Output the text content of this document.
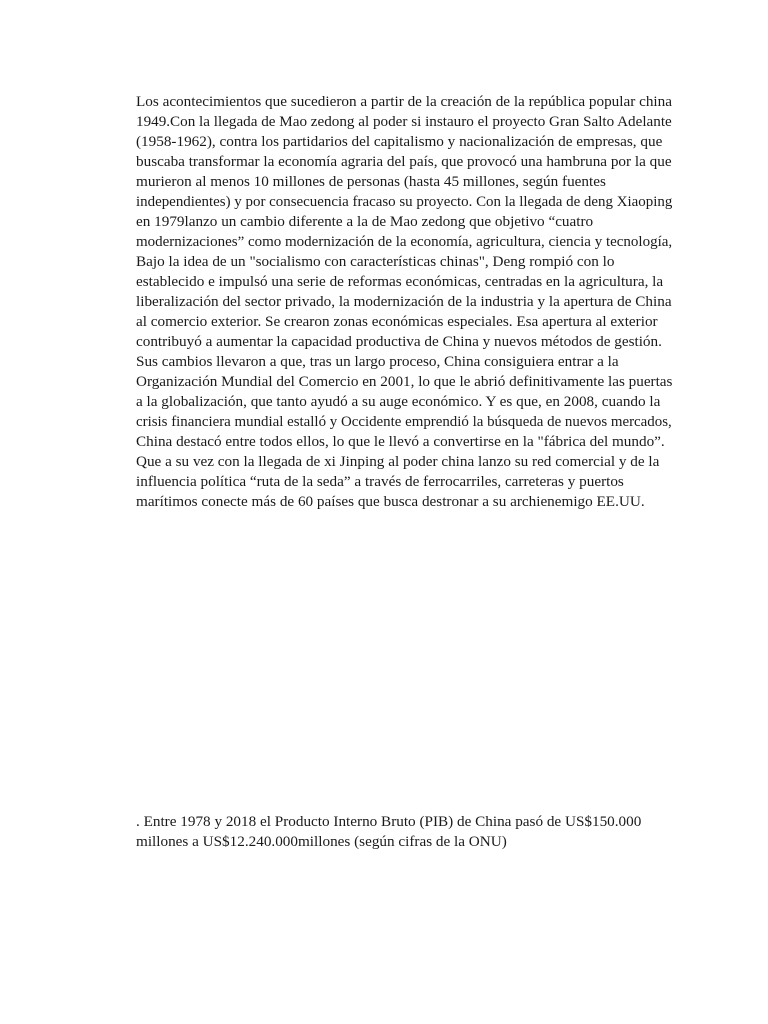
Los acontecimientos que sucedieron a partir de la creación de la república popular china
1949.Con la llegada de Mao zedong al poder si instauro el proyecto Gran Salto Adelante
(1958-1962), contra los partidarios del capitalismo y nacionalización de empresas, que
buscaba transformar la economía agraria del país, que provocó una hambruna por la que
murieron al menos 10 millones de personas (hasta 45 millones, según fuentes
independientes) y por consecuencia fracaso su proyecto. Con la llegada de deng Xiaoping
en 1979lanzo un cambio diferente a la de Mao zedong que objetivo “cuatro
modernizaciones” como modernización de la economía, agricultura, ciencia y tecnología,
Bajo la idea de un "socialismo con características chinas", Deng rompió con lo
establecido e impulsó una serie de reformas económicas, centradas en la agricultura, la
liberalización del sector privado, la modernización de la industria y la apertura de China
al comercio exterior. Se crearon zonas económicas especiales. Esa apertura al exterior
contribuyó a aumentar la capacidad productiva de China y nuevos métodos de gestión.
Sus cambios llevaron a que, tras un largo proceso, China consiguiera entrar a la
Organización Mundial del Comercio en 2001, lo que le abrió definitivamente las puertas
a la globalización, que tanto ayudó a su auge económico. Y es que, en 2008, cuando la
crisis financiera mundial estalló y Occidente emprendió la búsqueda de nuevos mercados,
China destacó entre todos ellos, lo que le llevó a convertirse en la "fábrica del mundo”.
Que a su vez con la llegada de xi Jinping al poder china lanzo su red comercial y de la
influencia política “ruta de la seda” a través de ferrocarriles, carreteras y puertos
marítimos conecte más de 60 países que busca destronar a su archienemigo EE.UU.
. Entre 1978 y 2018 el Producto Interno Bruto (PIB) de China pasó de US$150.000
millones a US$12.240.000millones (según cifras de la ONU)
